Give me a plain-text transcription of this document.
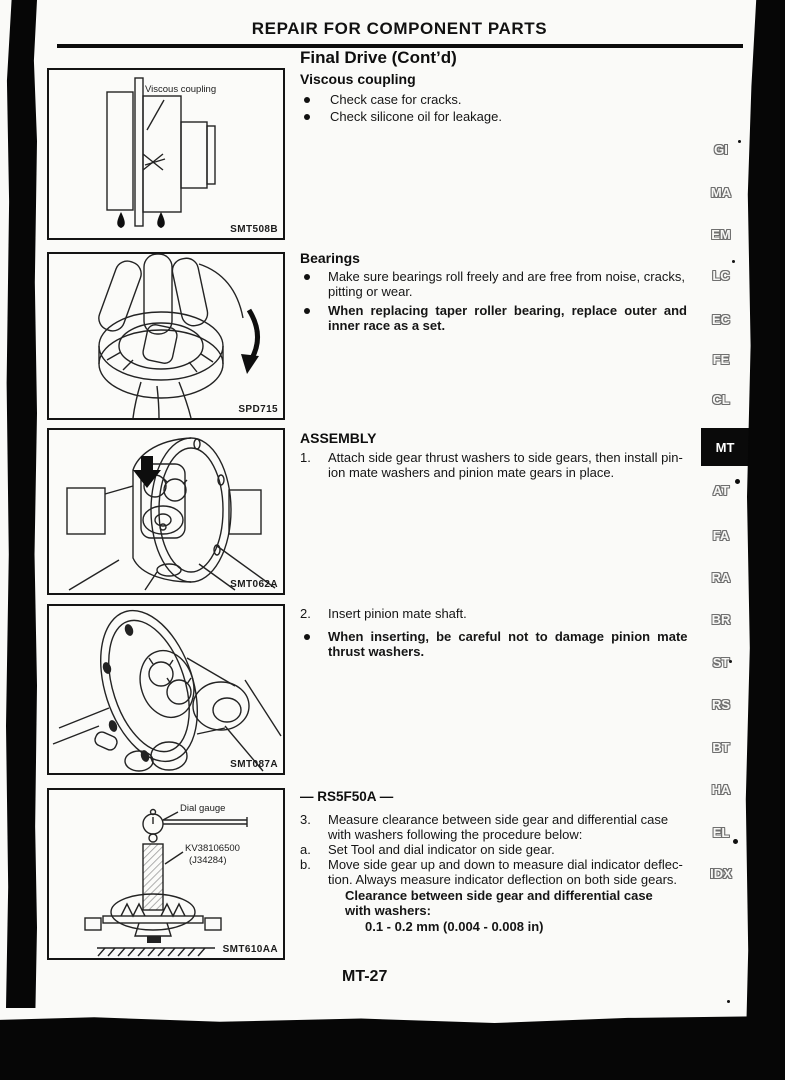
REPAIR FOR COMPONENT PARTS
Final Drive (Cont’d)
Viscous coupling
SMT508B
Viscous coupling
Check case for cracks.
Check silicone oil for leakage.
SPD715
Bearings
Make sure bearings roll freely and are free from noise, cracks,
pitting or wear.
When replacing taper roller bearing, replace outer and
inner race as a set.
SMT062A
ASSEMBLY
1. Attach side gear thrust washers to side gears, then install pin-
ion mate washers and pinion mate gears in place.
SMT087A
2. Insert pinion mate shaft.
When inserting, be careful not to damage pinion mate
thrust washers.
Dial gauge
KV38106500
(J34284)
SMT610AA
— RS5F50A —
3. Measure clearance between side gear and differential case
with washers following the procedure below:
a. Set Tool and dial indicator on side gear.
b. Move side gear up and down to measure dial indicator deflec-
tion. Always measure indicator deflection on both side gears.
Clearance between side gear and differential case
with washers:
0.1 - 0.2 mm (0.004 - 0.008 in)
MT-27
GI
MA
EM
LC
EC
FE
CL
MT
AT
FA
RA
BR
ST
RS
BT
HA
EL
IDX
